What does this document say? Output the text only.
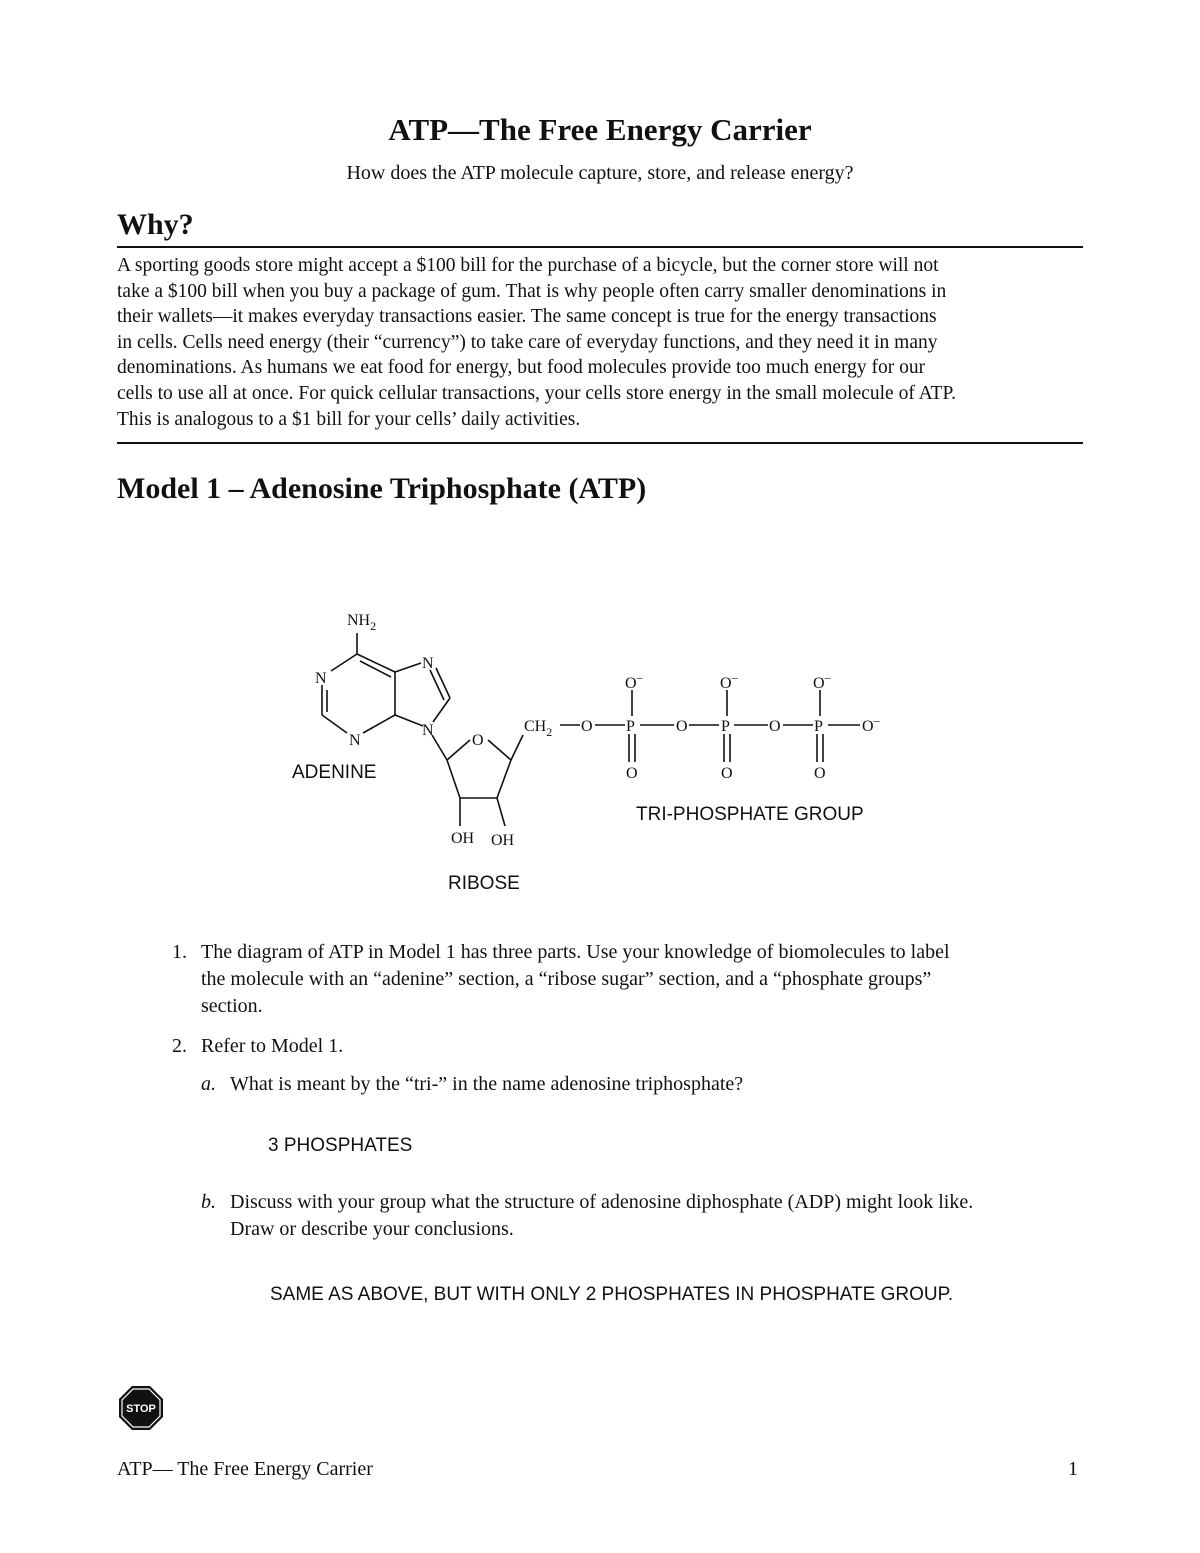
ATP—The Free Energy Carrier
How does the ATP molecule capture, store, and release energy?
Why?
A sporting goods store might accept a $100 bill for the purchase of a bicycle, but the corner store will not
take a $100 bill when you buy a package of gum. That is why people often carry smaller denominations in
their wallets—it makes everyday transactions easier. The same concept is true for the energy transactions
in cells. Cells need energy (their “currency”) to take care of everyday functions, and they need it in many
denominations. As humans we eat food for energy, but food molecules provide too much energy for our
cells to use all at once. For quick cellular transactions, your cells store energy in the small molecule of ATP.
This is analogous to a $1 bill for your cells’ daily activities.
Model 1 – Adenosine Triphosphate (ATP)
$NH_2$
N
N
N
N
O
$CH_2$ O P	O P O P O–
O–	O–	O–
O	O	O
OH OH
ADENINE
TRI-PHOSPHATE GROUP
RIBOSE
1. The diagram of ATP in Model 1 has three parts. Use your knowledge of biomolecules to label
the molecule with an “adenine” section, a “ribose sugar” section, and a “phosphate groups”
section.
2. Refer to Model 1.
a. What is meant by the “tri-” in the name adenosine triphosphate?
3 PHOSPHATES
b. Discuss with your group what the structure of adenosine diphosphate (ADP) might look like.
Draw or describe your conclusions.
SAME AS ABOVE, BUT WITH ONLY 2 PHOSPHATES IN PHOSPHATE GROUP.
STOP
ATP— The Free Energy Carrier	1
